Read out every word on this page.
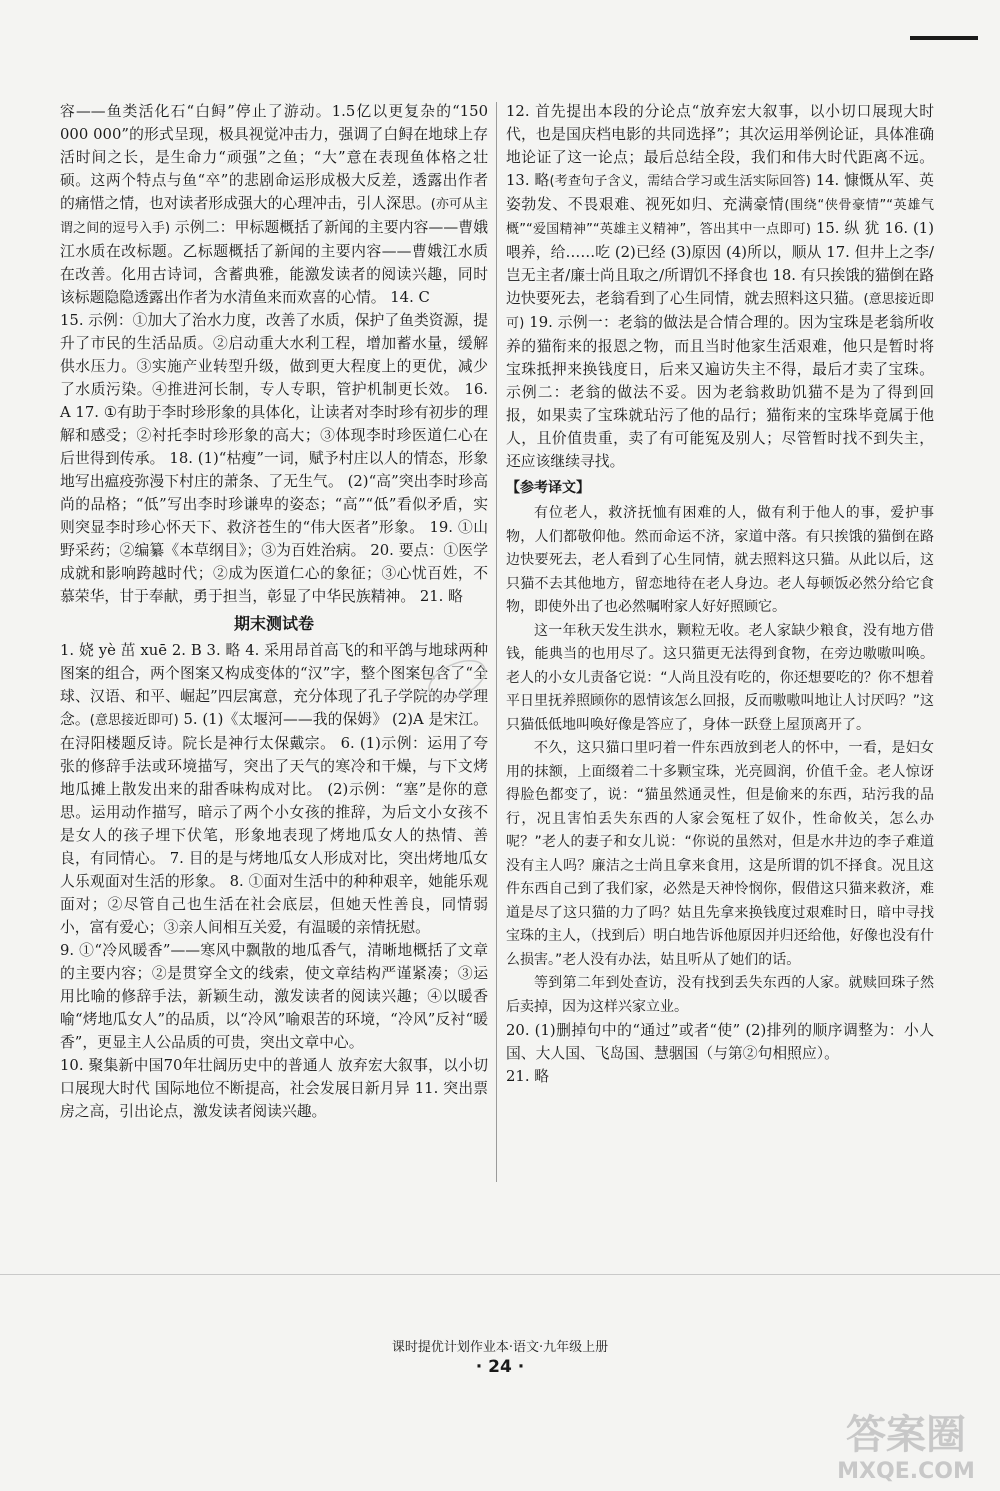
容——鱼类活化石“白鲟”停止了游动。1.5亿以更复杂的“150 000 000”的形式呈现，极具视觉冲击力，强调了白鲟在地球上存活时间之长，是生命力“顽强”之鱼；“大”意在表现鱼体格之壮硕。这两个特点与鱼“卒”的悲剧命运形成极大反差，透露出作者的痛惜之情，也对读者形成强大的心理冲击，引人深思。(亦可从主谓之间的逗号入手) 示例二：甲标题概括了新闻的主要内容——曹娥江水质在改标题。乙标题概括了新闻的主要内容——曹娥江水质在改善。化用古诗词，含蓄典雅，能激发读者的阅读兴趣，同时该标题隐隐透露出作者为水清鱼来而欢喜的心情。 14. C

15. 示例：①加大了治水力度，改善了水质，保护了鱼类资源，提升了市民的生活品质。②启动重大水利工程，增加蓄水量，缓解供水压力。③实施产业转型升级，做到更大程度上的更优，减少了水质污染。④推进河长制，专人专职，管护机制更长效。 16. A 17. ①有助于李时珍形象的具体化，让读者对李时珍有初步的理解和感受；②衬托李时珍形象的高大；③体现李时珍医道仁心在后世得到传承。 18. (1)“枯瘦”一词，赋予村庄以人的情态，形象地写出瘟疫弥漫下村庄的萧条、了无生气。 (2)“高”突出李时珍高尚的品格；“低”写出李时珍谦卑的姿态；“高”“低”看似矛盾，实则突显李时珍心怀天下、救济苍生的“伟大医者”形象。 19. ①山野采药；②编纂《本草纲目》；③为百姓治病。 20. 要点：①医学成就和影响跨越时代；②成为医道仁心的象征；③心忧百姓，不慕荣华，甘于奉献，勇于担当，彰显了中华民族精神。 21. 略

期末测试卷

1. 娆 yè 茁 xuē 2. B 3. 略 4. 采用昂首高飞的和平鸽与地球两种图案的组合，两个图案又构成变体的“汉”字，整个图案包含了“全球、汉语、和平、崛起”四层寓意，充分体现了孔子学院的办学理念。(意思接近即可) 5. (1)《太堰河——我的保姆》 (2)A 是宋江。在浔阳楼题反诗。院长是神行太保戴宗。 6. (1)示例：运用了夸张的修辞手法或环境描写，突出了天气的寒冷和干燥，与下文烤地瓜摊上散发出来的甜香味构成对比。 (2)示例：“塞”是你的意思。运用动作描写，暗示了两个小女孩的推辞，为后文小女孩不是女人的孩子埋下伏笔，形象地表现了烤地瓜女人的热情、善良，有同情心。 7. 目的是与烤地瓜女人形成对比，突出烤地瓜女人乐观面对生活的形象。 8. ①面对生活中的种种艰辛，她能乐观面对；②尽管自己也生活在社会底层，但她天性善良，同情弱小，富有爱心；③亲人间相互关爱，有温暖的亲情抚慰。

9. ①“冷风暖香”——寒风中飘散的地瓜香气，清晰地概括了文章的主要内容；②是贯穿全文的线索，使文章结构严谨紧凑；③运用比喻的修辞手法，新颖生动，激发读者的阅读兴趣；④以暖香喻“烤地瓜女人”的品质，以“冷风”喻艰苦的环境，“冷风”反衬“暖香”，更显主人公品质的可贵，突出文章中心。

10. 聚集新中国70年壮阔历史中的普通人 放弃宏大叙事，以小切口展现大时代 国际地位不断提高，社会发展日新月异 11. 突出票房之高，引出论点，激发读者阅读兴趣。

12. 首先提出本段的分论点“放弃宏大叙事，以小切口展现大时代，也是国庆档电影的共同选择”；其次运用举例论证，具体准确地论证了这一论点；最后总结全段，我们和伟大时代距离不远。 13. 略(考查句子含义，需结合学习或生活实际回答) 14. 慷慨从军、英姿勃发、不畏艰难、视死如归、充满豪情(围绕“侠骨豪情”“英雄气概”“爱国精神”“英雄主义精神”，答出其中一点即可) 15. 纵 犹 16. (1)喂养，给……吃 (2)已经 (3)原因 (4)所以，顺从 17. 但井上之李/岂无主者/廉士尚且取之/所谓饥不择食也 18. 有只挨饿的猫倒在路边快要死去，老翁看到了心生同情，就去照料这只猫。(意思接近即可) 19. 示例一：老翁的做法是合情合理的。因为宝珠是老翁所收养的猫衔来的报恩之物，而且当时他家生活艰难，他只是暂时将宝珠抵押来换钱度日，后来又遍访失主不得，最后才卖了宝珠。 示例二：老翁的做法不妥。因为老翁救助饥猫不是为了得到回报，如果卖了宝珠就玷污了他的品行；猫衔来的宝珠毕竟属于他人，且价值贵重，卖了有可能冤及别人；尽管暂时找不到失主，还应该继续寻找。

【参考译文】

有位老人，救济抚恤有困难的人，做有利于他人的事，爱护事物，人们都敬仰他。然而命运不济，家道中落。有只挨饿的猫倒在路边快要死去，老人看到了心生同情，就去照料这只猫。从此以后，这只猫不去其他地方，留恋地待在老人身边。老人每顿饭必然分给它食物，即使外出了也必然嘱咐家人好好照顾它。

这一年秋天发生洪水，颗粒无收。老人家缺少粮食，没有地方借钱，能典当的也用尽了。这只猫更无法得到食物，在旁边嗷嗷叫唤。老人的小女儿责备它说：“人尚且没有吃的，你还想要吃的？你不想着平日里抚养照顾你的恩情该怎么回报，反而嗷嗷叫地让人讨厌吗？”这只猫低低地叫唤好像是答应了，身体一跃登上屋顶离开了。

不久，这只猫口里叼着一件东西放到老人的怀中，一看，是妇女用的抹额，上面缀着二十多颗宝珠，光亮圆润，价值千金。老人惊讶得脸色都变了，说：“猫虽然通灵性，但是偷来的东西，玷污我的品行，况且害怕丢失东西的人家会冤枉了奴仆，性命攸关，怎么办呢？”老人的妻子和女儿说：“你说的虽然对，但是水井边的李子难道没有主人吗？廉洁之士尚且拿来食用，这是所谓的饥不择食。况且这件东西自己到了我们家，必然是天神怜悯你，假借这只猫来救济，难道是尽了这只猫的力了吗？姑且先拿来换钱度过艰难时日，暗中寻找宝珠的主人，（找到后）明白地告诉他原因并归还给他，好像也没有什么损害。”老人没有办法，姑且听从了她们的话。

等到第二年到处查访，没有找到丢失东西的人家。就赎回珠子然后卖掉，因为这样兴家立业。

20. (1)删掉句中的“通过”或者“使” (2)排列的顺序调整为：小人国、大人国、飞岛国、慧骃国（与第②句相照应）。

21. 略

课时提优计划作业本·语文·九年级上册
· 24 ·
答案圈
MXQE.COM
